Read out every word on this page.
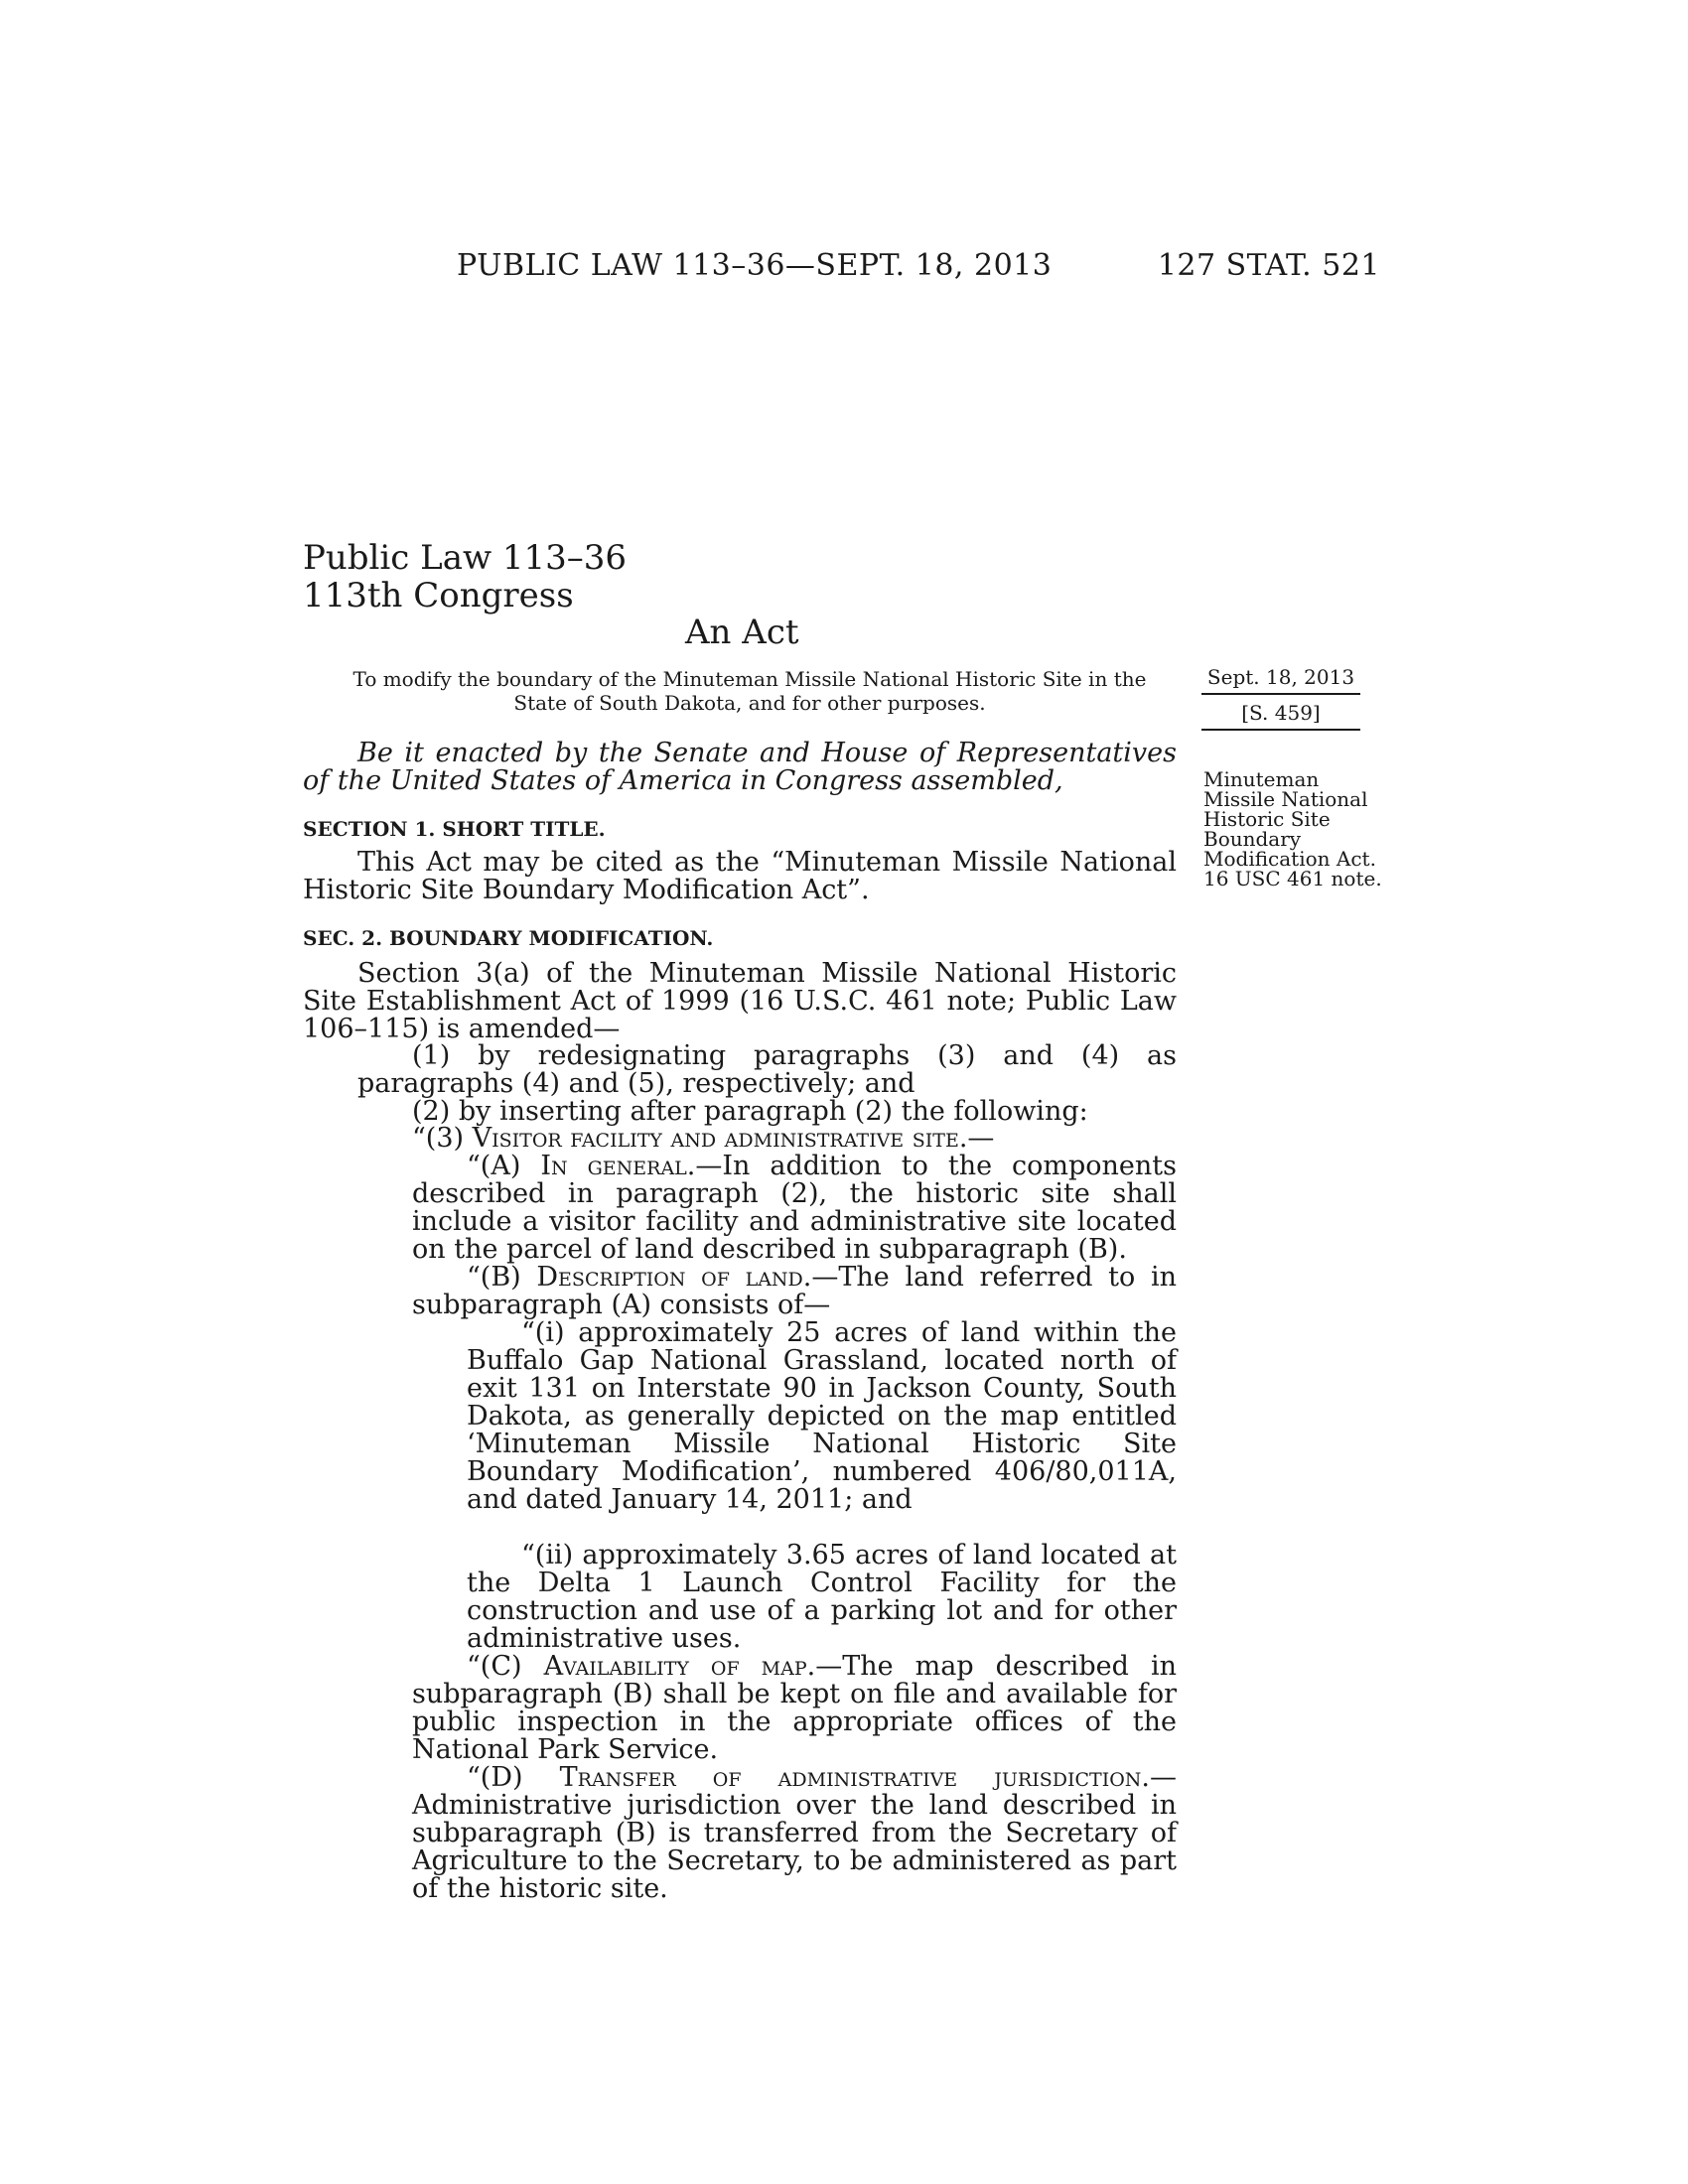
PUBLIC LAW 113–36—SEPT. 18, 2013	127 STAT. 521
Public Law 113–36
113th Congress
An Act
To modify the boundary of the Minuteman Missile National Historic Site in the State of South Dakota, and for other purposes.
Sept. 18, 2013
[S. 459]
Minuteman
Missile National
Historic Site
Boundary
Modification Act.
16 USC 461 note.
Be it enacted by the Senate and House of Representatives of the United States of America in Congress assembled,
SECTION 1. SHORT TITLE.
This Act may be cited as the “Minuteman Missile National Historic Site Boundary Modification Act”.
SEC. 2. BOUNDARY MODIFICATION.
Section 3(a) of the Minuteman Missile National Historic Site Establishment Act of 1999 (16 U.S.C. 461 note; Public Law 106–115) is amended—
(1) by redesignating paragraphs (3) and (4) as paragraphs (4) and (5), respectively; and
(2) by inserting after paragraph (2) the following:
“(3) Visitor facility and administrative site.—
“(A) In general.—In addition to the components described in paragraph (2), the historic site shall include a visitor facility and administrative site located on the parcel of land described in subparagraph (B).
“(B) Description of land.—The land referred to in subparagraph (A) consists of—
“(i) approximately 25 acres of land within the Buffalo Gap National Grassland, located north of exit 131 on Interstate 90 in Jackson County, South Dakota, as generally depicted on the map entitled ‘Minuteman Missile National Historic Site Boundary Modification’, numbered 406/80,011A, and dated January 14, 2011; and
“(ii) approximately 3.65 acres of land located at the Delta 1 Launch Control Facility for the construction and use of a parking lot and for other administrative uses.
“(C) Availability of map.—The map described in subparagraph (B) shall be kept on file and available for public inspection in the appropriate offices of the National Park Service.
“(D) Transfer of administrative jurisdiction.—Administrative jurisdiction over the land described in subparagraph (B) is transferred from the Secretary of Agriculture to the Secretary, to be administered as part of the historic site.
